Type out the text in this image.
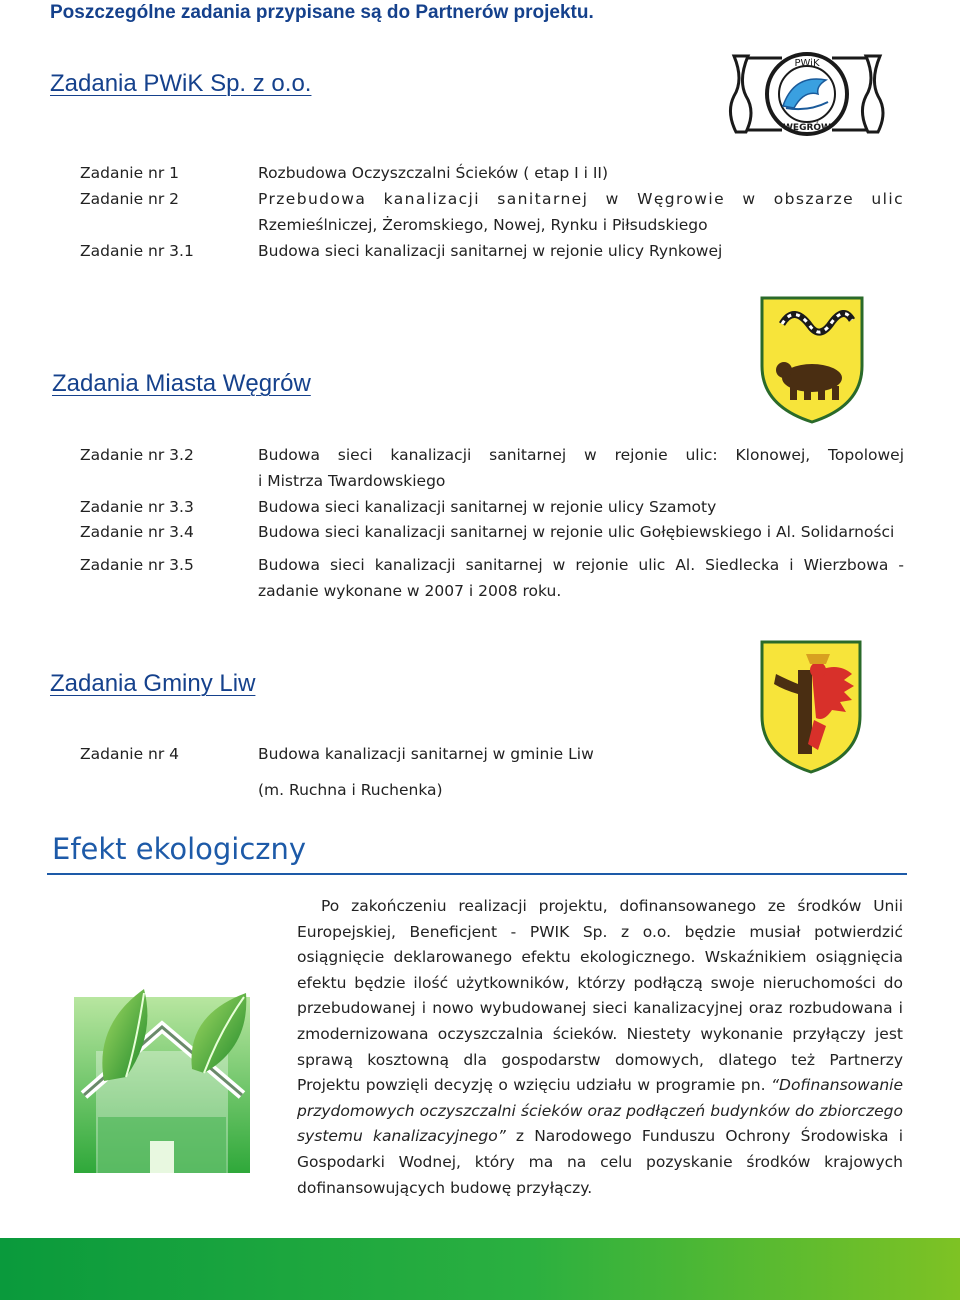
Poszczególne zadania przypisane są do Partnerów projektu.
Zadania PWiK Sp. z o.o.
PWiK
WĘGRÓW
Zadanie nr 1	Rozbudowa Oczyszczalni Ścieków ( etap I i II)
Zadanie nr 2	Przebudowa kanalizacji sanitarnej w Węgrowie w obszarze ulic
Rzemieślniczej, Żeromskiego, Nowej, Rynku i Piłsudskiego
Zadanie nr 3.1	Budowa sieci kanalizacji sanitarnej w rejonie ulicy Rynkowej
Zadania Miasta Węgrów
Zadanie nr 3.2	Budowa sieci kanalizacji sanitarnej w rejonie ulic: Klonowej, Topolowej
i Mistrza Twardowskiego
Zadanie nr 3.3	Budowa sieci kanalizacji sanitarnej w rejonie ulicy Szamoty
Zadanie nr 3.4	Budowa sieci kanalizacji sanitarnej w rejonie ulic Gołębiewskiego i Al. Solidarności
Zadanie nr 3.5	Budowa sieci kanalizacji sanitarnej w rejonie ulic Al. Siedlecka i Wierzbowa -
zadanie wykonane w 2007 i 2008 roku.
Zadania Gminy Liw
Zadanie nr 4	Budowa kanalizacji sanitarnej w gminie Liw
(m. Ruchna i Ruchenka)
Efekt ekologiczny
Po zakończeniu realizacji projektu, dofinansowanego ze środków Unii Europejskiej, Beneficjent - PWIK Sp. z o.o. będzie musiał potwierdzić osiągnięcie deklarowanego efektu ekologicznego. Wskaźnikiem osiągnięcia efektu będzie ilość użytkowników, którzy podłączą swoje nieruchomości do przebudowanej i nowo wybudowanej sieci kanalizacyjnej oraz rozbudowana i zmodernizowana oczyszczalnia ścieków. Niestety wykonanie przyłączy jest sprawą kosztowną dla gospodarstw domowych, dlatego też Partnerzy Projektu powzięli decyzję o wzięciu udziału w programie pn. “Dofinansowanie przydomowych oczyszczalni ścieków oraz podłączeń budynków do zbiorczego systemu kanalizacyjnego” z Narodowego Funduszu Ochrony Środowiska i Gospodarki Wodnej, który ma na celu pozyskanie środków krajowych dofinansowujących budowę przyłączy.
